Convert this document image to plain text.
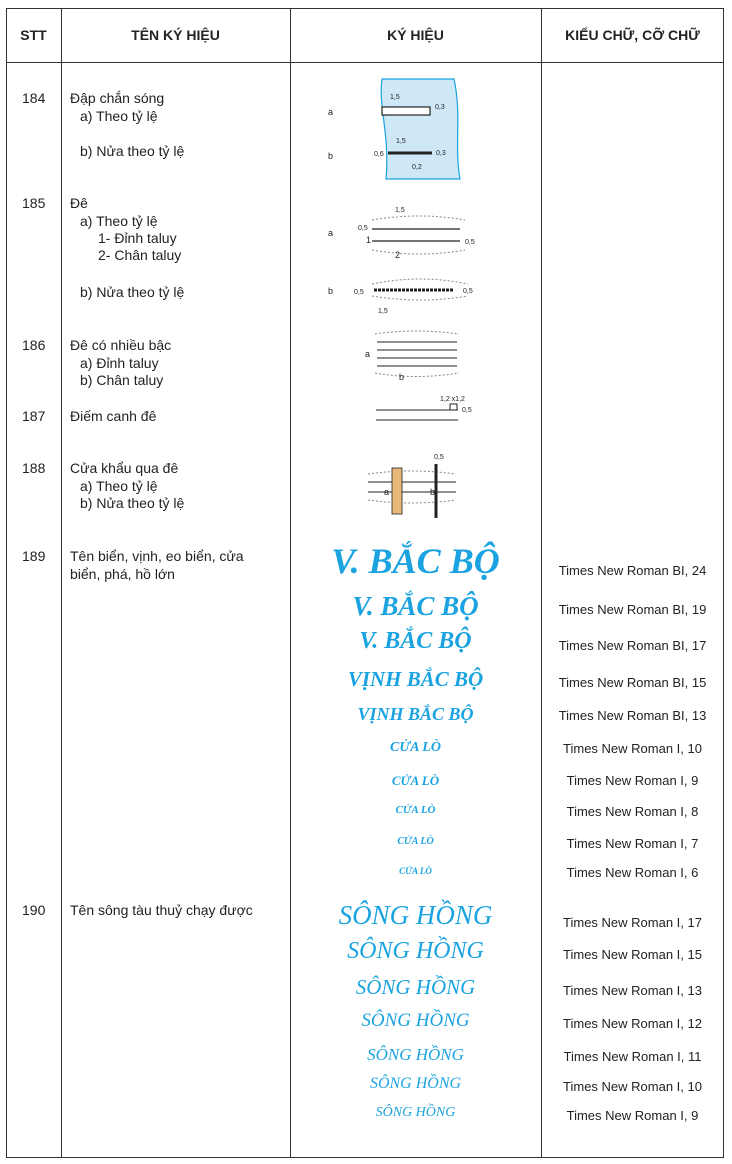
STT	TÊN KÝ HIỆU	KÝ HIỆU	KIỂU CHỮ, CỠ CHỮ
184 Đập chắn sóng
a) Theo tỷ lệ
b) Nửa theo tỷ lệ
a
b
1,5
0,3
1,5
0,6	0,3
0,2
185 Đê
a) Theo tỷ lệ
1- Đỉnh taluy
2- Chân taluy
b) Nửa theo tỷ lệ
1,5
0,5
a
1	0,5
2
b	0,5	0,5
1,5
186 Đê có nhiều bậc
a) Đỉnh taluy
b) Chân taluy
a
b
187 Điếm canh đê
1,2 x1,2
0,5
188 Cửa khẩu qua đê
a) Theo tỷ lệ
b) Nửa theo tỷ lệ
0,5
a	b
189 Tên biển, vịnh, eo biển, cửa
biển, phá, hồ lớn	V. BẮC BỘ	Times New Roman BI, 24
V. BẮC BỘ	Times New Roman BI, 19
V. BẮC BỘ	Times New Roman BI, 17
VỊNH BẮC BỘ	Times New Roman BI, 15
VỊNH BẮC BỘ	Times New Roman BI, 13
CỬA LÒ	Times New Roman I, 10
CỬA LÒ	Times New Roman I, 9
CỬA LÒ	Times New Roman I, 8
CỬA LÒ	Times New Roman I, 7
CỬA LÒ	Times New Roman I, 6
190 Tên sông tàu thuỷ chạy được	SÔNG HỒNG	Times New Roman I, 17
SÔNG HỒNG	Times New Roman I, 15
SÔNG HỒNG	Times New Roman I, 13
SÔNG HỒNG	Times New Roman I, 12
SÔNG HỒNG	Times New Roman I, 11
SÔNG HỒNG	Times New Roman I, 10
SÔNG HỒNG	Times New Roman I, 9
